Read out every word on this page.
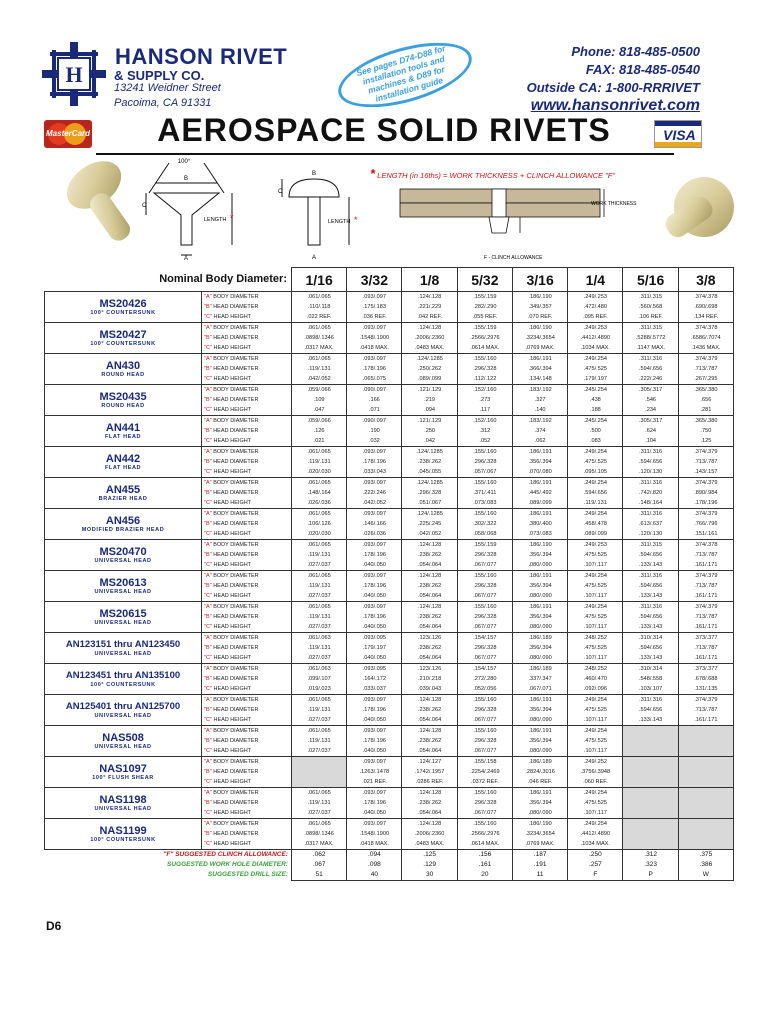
H
HANSON RIVET
& SUPPLY CO.
13241 Weidner Street
Pacoima, CA 91331
See pages D74-D88 for installation tools and machines & D89 for installation guide
Phone: 818-485-0500
FAX: 818-485-0540
Outside CA: 1-800-RRRIVET
www.hansonrivet.com
MasterCard	VISA
AEROSPACE SOLID RIVETS
100°
B
C
A
LENGTH *
B
C
A
LENGTH *
WORK THICKNESS
F - CLINCH ALLOWANCE
* LENGTH (in 16ths) = WORK THICKNESS + CLINCH ALLOWANCE "F"
Nominal Body Diameter:		1/16	3/32	1/8	5/32	3/16	1/4	5/16	3/8

MS20426
100° COUNTERSUNK	"A" BODY DIAMETER	.061/.065	.093/.097	.124/.128	.155/.159	.186/.190	.249/.253	.311/.315	.374/.378
	"B" HEAD DIAMETER	.110/.118	.175/.183	.221/.229	.282/.290	.349/.357	.472/.480	.560/.568	.690/.698
	"C" HEAD HEIGHT	.022 REF.	.036 REF.	.042 REF.	.055 REF.	.070 REF.	.095 REF.	.106 REF.	.134 REF.

MS20427
100° COUNTERSUNK	"A" BODY DIAMETER	.061/.065	.093/.097	.124/.128	.155/.159	.186/.190	.249/.253	.311/.315	.374/.378
	"B" HEAD DIAMETER	.0898/.1346	.1548/.1900	.2006/.2360	.2566/.2976	.3234/.3654	.4412/.4890	.5288/.5772	.6586/.7074
	"C" HEAD HEIGHT	.0317 MAX.	.0418 MAX.	.0483 MAX.	.0614 MAX.	.0769 MAX.	.1034 MAX.	.1147 MAX.	.1436 MAX.

AN430
ROUND HEAD	"A" BODY DIAMETER	.061/.065	.093/.097	.124/.1285	.155/.160	.186/.191	.249/.254	.311/.316	.374/.379
	"B" HEAD DIAMETER	.119/.131	.178/.196	.250/.262	.296/.328	.366/.394	.475/.525	.594/.656	.713/.787
	"C" HEAD HEIGHT	.042/.052	.065/.075	.089/.099	.112/.122	.134/.148	.179/.197	.222/.246	.267/.295

MS20435
ROUND HEAD	"A" BODY DIAMETER	.059/.066	.090/.097	.121/.129	.152/.160	.183/.192	.245/.254	.305/.317	.365/.380
	"B" HEAD DIAMETER	.109	.166	.219	.273	.327	.438	.546	.656
	"C" HEAD HEIGHT	.047	.071	.094	.117	.140	.188	.234	.281

AN441
FLAT HEAD	"A" BODY DIAMETER	.059/.066	.090/.097	.121/.129	.152/.160	.183/.192	.245/.254	.305/.317	.365/.380
	"B" HEAD DIAMETER	.126	.190	.250	.312	.374	.500	.624	.750
	"C" HEAD HEIGHT	.021	.032	.042	.052	.062	.083	.104	.125

AN442
FLAT HEAD	"A" BODY DIAMETER	.061/.065	.093/.097	.124/.1285	.155/.160	.186/.191	.249/.254	.311/.316	.374/.379
	"B" HEAD DIAMETER	.119/.131	.178/.196	.238/.262	.296/.328	.356/.394	.475/.525	.594/.656	.713/.787
	"C" HEAD HEIGHT	.020/.030	.033/.043	.045/.055	.057/.067	.070/.080	.095/.105	.120/.130	.143/.157

AN455
BRAZIER HEAD	"A" BODY DIAMETER	.061/.065	.093/.097	.124/.1285	.155/.160	.186/.191	.249/.254	.311/.316	.374/.379
	"B" HEAD DIAMETER	.148/.164	.222/.246	.296/.328	.371/.411	.445/.492	.594/.656	.742/.820	.890/.984
	"C" HEAD HEIGHT	.026/.036	.042/.052	.051/.067	.073/.083	.089/.099	.119/.131	.148/.164	.178/.196

AN456
MODIFIED BRAZIER HEAD	"A" BODY DIAMETER	.061/.065	.093/.097	.124/.1285	.155/.160	.186/.191	.249/.254	.311/.316	.374/.379
	"B" HEAD DIAMETER	.106/.126	.146/.166	.225/.245	.302/.322	.380/.400	.458/.478	.613/.637	.766/.796
	"C" HEAD HEIGHT	.020/.030	.026/.036	.042/.052	.058/.068	.073/.083	.089/.099	.120/.130	.151/.161

MS20470
UNIVERSAL HEAD	"A" BODY DIAMETER	.061/.065	.093/.097	.124/.128	.155/.159	.186/.190	.249/.253	.311/.315	.374/.378
	"B" HEAD DIAMETER	.119/.131	.178/.196	.238/.262	.296/.328	.356/.394	.475/.525	.594/.656	.713/.787
	"C" HEAD HEIGHT	.027/.037	.040/.050	.054/.064	.067/.077	.080/.090	.107/.117	.133/.143	.161/.171

MS20613
UNIVERSAL HEAD	"A" BODY DIAMETER	.061/.065	.093/.097	.124/.128	.155/.160	.186/.191	.249/.254	.311/.316	.374/.379
	"B" HEAD DIAMETER	.119/.131	.178/.196	.238/.262	.296/.328	.356/.394	.475/.525	.594/.656	.713/.787
	"C" HEAD HEIGHT	.027/.037	.040/.050	.054/.064	.067/.077	.080/.090	.107/.117	.133/.143	.161/.171

MS20615
UNIVERSAL HEAD	"A" BODY DIAMETER	.061/.065	.093/.097	.124/.128	.155/.160	.186/.191	.249/.254	.311/.316	.374/.379
	"B" HEAD DIAMETER	.119/.131	.178/.196	.238/.262	.296/.328	.356/.394	.475/.525	.594/.656	.713/.787
	"C" HEAD HEIGHT	.027/.037	.040/.050	.054/.064	.067/.077	.080/.090	.107/.117	.133/.143	.161/.171

AN123151 thru AN123450
UNIVERSAL HEAD	"A" BODY DIAMETER	.061/.063	.093/.095	.123/.126	.154/.157	.186/.189	.248/.252	.310/.314	.373/.377
	"B" HEAD DIAMETER	.119/.131	.179/.197	.238/.262	.296/.328	.356/.394	.475/.525	.594/.656	.713/.787
	"C" HEAD HEIGHT	.027/.037	.040/.050	.054/.064	.067/.077	.080/.090	.107/.117	.133/.143	.161/.171

AN123451 thru AN135100
100° COUNTERSUNK	"A" BODY DIAMETER	.061/.063	.093/.095	.123/.126	.154/.157	.186/.189	.248/.252	.310/.314	.373/.377
	"B" HEAD DIAMETER	.099/.107	.164/.172	.210/.218	.272/.280	.337/.347	.460/.470	.548/.558	.678/.688
	"C" HEAD HEIGHT	.019/.023	.033/.037	.039/.043	.052/.056	.067/.071	.092/.096	.103/.107	.131/.135

AN125401 thru AN125700
UNIVERSAL HEAD	"A" BODY DIAMETER	.061/.065	.093/.097	.124/.128	.155/.160	.186/.191	.249/.254	.311/.316	.374/.379
	"B" HEAD DIAMETER	.119/.131	.178/.196	.238/.262	.296/.328	.356/.394	.475/.525	.594/.656	.713/.787
	"C" HEAD HEIGHT	.027/.037	.040/.050	.054/.064	.067/.077	.080/.090	.107/.117	.133/.143	.161/.171

NAS508
UNIVERSAL HEAD	"A" BODY DIAMETER	.061/.065	.093/.097	.124/.128	.155/.160	.186/.191	.249/.254		
	"B" HEAD DIAMETER	.119/.131	.178/.196	.238/.262	.296/.328	.356/.394	.475/.525		
	"C" HEAD HEIGHT	.027/.037	.040/.050	.054/.064	.067/.077	.080/.090	.107/.117		

NAS1097
100° FLUSH SHEAR	"A" BODY DIAMETER		.093/.097	.124/.127	.155/.158	.186/.189	.249/.252		
	"B" HEAD DIAMETER		.1263/.1478	.1742/.1957	.2254/.2469	.2824/.3016	.3756/.3948		
	"C" HEAD HEIGHT		.021 REF.	.0286 REF.	.0372 REF.	.046 REF.	.060 REF.		

NAS1198
UNIVERSAL HEAD	"A" BODY DIAMETER	.061/.065	.093/.097	.124/.128	.155/.160	.186/.191	.249/.254		
	"B" HEAD DIAMETER	.119/.131	.178/.196	.238/.262	.296/.328	.356/.394	.475/.525		
	"C" HEAD HEIGHT	.027/.037	.040/.050	.054/.064	.067/.077	.080/.090	.107/.117		

NAS1199
100° COUNTERSUNK	"A" BODY DIAMETER	.061/.065	.093/.097	.124/.128	.155/.160	.186/.190	.249/.254		
	"B" HEAD DIAMETER	.0898/.1346	.1548/.1900	.2006/.2360	.2566/.2976	.3234/.3654	.4412/.4890		
	"C" HEAD HEIGHT	.0317 MAX.	.0418 MAX.	.0483 MAX.	.0614 MAX.	.0769 MAX.	.1034 MAX.		
"F" SUGGESTED CLINCH ALLOWANCE:		.062	.094	.125	.156	.187	.250	.312	.375
SUGGESTED WORK HOLE DIAMETER:		.067	.098	.129	.161	.191	.257	.323	.386
SUGGESTED DRILL SIZE:		51	40	30	20	11	F	P	W
D6
